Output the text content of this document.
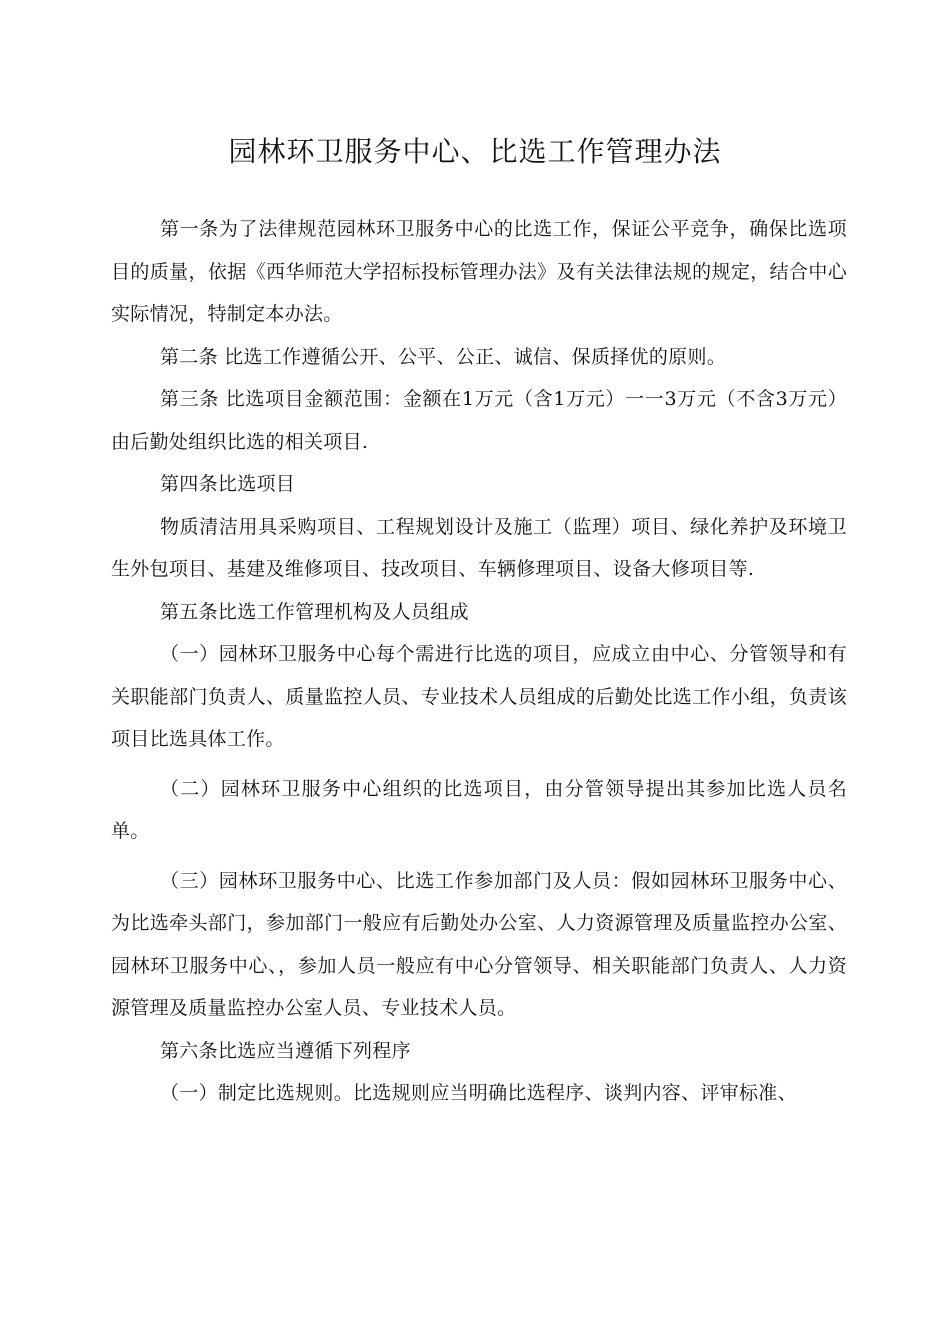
园林环卫服务中心、比选工作管理办法

第一条为了法律规范园林环卫服务中心的比选工作，保证公平竞争，确保比选项目的质量，依据《西华师范大学招标投标管理办法》及有关法律法规的规定，结合中心实际情况，特制定本办法。

第二条 比选工作遵循公开、公平、公正、诚信、保质择优的原则。

第三条 比选项目金额范围：金额在1万元（含1万元）一一3万元（不含3万元）由后勤处组织比选的相关项目.

第四条比选项目

物质清洁用具采购项目、工程规划设计及施工（监理）项目、绿化养护及环境卫生外包项目、基建及维修项目、技改项目、车辆修理项目、设备大修项目等.

第五条比选工作管理机构及人员组成

（一）园林环卫服务中心每个需进行比选的项目，应成立由中心、分管领导和有关职能部门负责人、质量监控人员、专业技术人员组成的后勤处比选工作小组，负责该项目比选具体工作。

（二）园林环卫服务中心组织的比选项目，由分管领导提出其参加比选人员名单。

（三）园林环卫服务中心、比选工作参加部门及人员：假如园林环卫服务中心、为比选牵头部门，参加部门一般应有后勤处办公室、人力资源管理及质量监控办公室、园林环卫服务中心、，参加人员一般应有中心分管领导、相关职能部门负责人、人力资源管理及质量监控办公室人员、专业技术人员。

第六条比选应当遵循下列程序

（一）制定比选规则。比选规则应当明确比选程序、谈判内容、评审标准、
